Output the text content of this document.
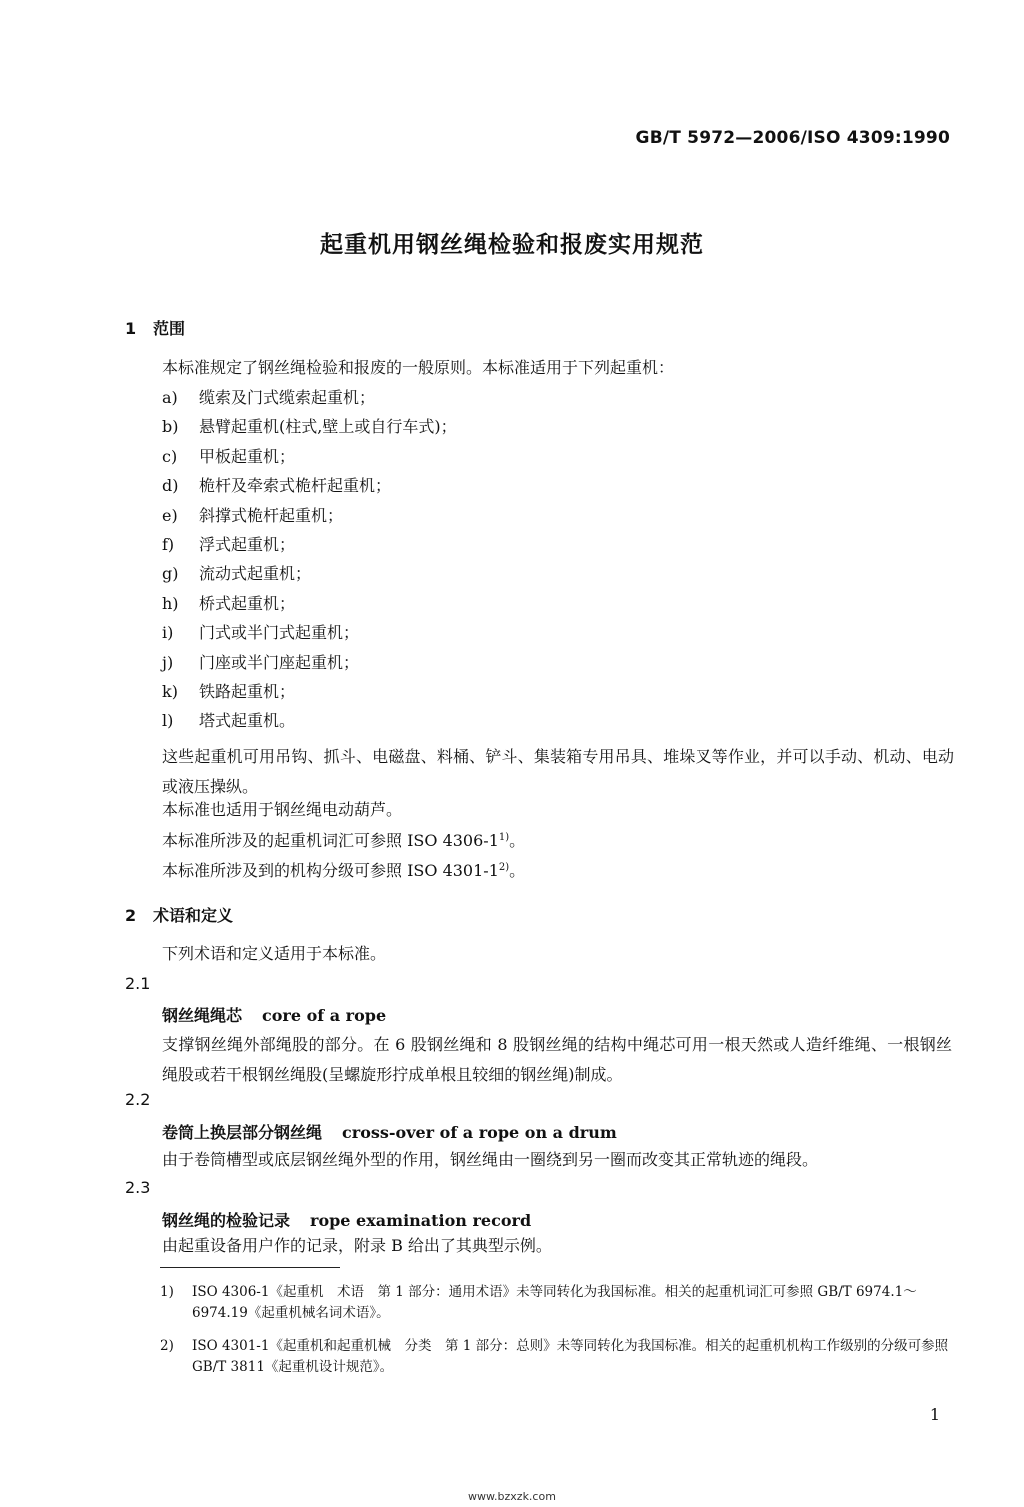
GB/T 5972—2006/ISO 4309:1990
起重机用钢丝绳检验和报废实用规范
1 范围
本标准规定了钢丝绳检验和报废的一般原则。本标准适用于下列起重机：
a) 缆索及门式缆索起重机；
b) 悬臂起重机(柱式,壁上或自行车式)；
c) 甲板起重机；
d) 桅杆及牵索式桅杆起重机；
e) 斜撑式桅杆起重机；
f) 浮式起重机；
g) 流动式起重机；
h) 桥式起重机；
i) 门式或半门式起重机；
j) 门座或半门座起重机；
k) 铁路起重机；
l) 塔式起重机。
这些起重机可用吊钩、抓斗、电磁盘、料桶、铲斗、集装箱专用吊具、堆垛叉等作业，并可以手动、机动、电动或液压操纵。
本标准也适用于钢丝绳电动葫芦。
本标准所涉及的起重机词汇可参照 ISO 4306-1$^{1)}$。
本标准所涉及到的机构分级可参照 ISO 4301-1$^{2)}$。
2 术语和定义
下列术语和定义适用于本标准。
2.1
钢丝绳绳芯 core of a rope
支撑钢丝绳外部绳股的部分。在 6 股钢丝绳和 8 股钢丝绳的结构中绳芯可用一根天然或人造纤维绳、一根钢丝绳股或若干根钢丝绳股(呈螺旋形拧成单根且较细的钢丝绳)制成。
2.2
卷筒上换层部分钢丝绳 cross-over of a rope on a drum
由于卷筒槽型或底层钢丝绳外型的作用，钢丝绳由一圈绕到另一圈而改变其正常轨迹的绳段。
2.3
钢丝绳的检验记录 rope examination record
由起重设备用户作的记录，附录 B 给出了其典型示例。
1) ISO 4306-1《起重机　术语　第 1 部分：通用术语》未等同转化为我国标准。相关的起重机词汇可参照 GB/T 6974.1～6974.19《起重机械名词术语》。
2) ISO 4301-1《起重机和起重机械　分类　第 1 部分：总则》未等同转化为我国标准。相关的起重机机构工作级别的分级可参照 GB/T 3811《起重机设计规范》。
1
www.bzxzk.com
